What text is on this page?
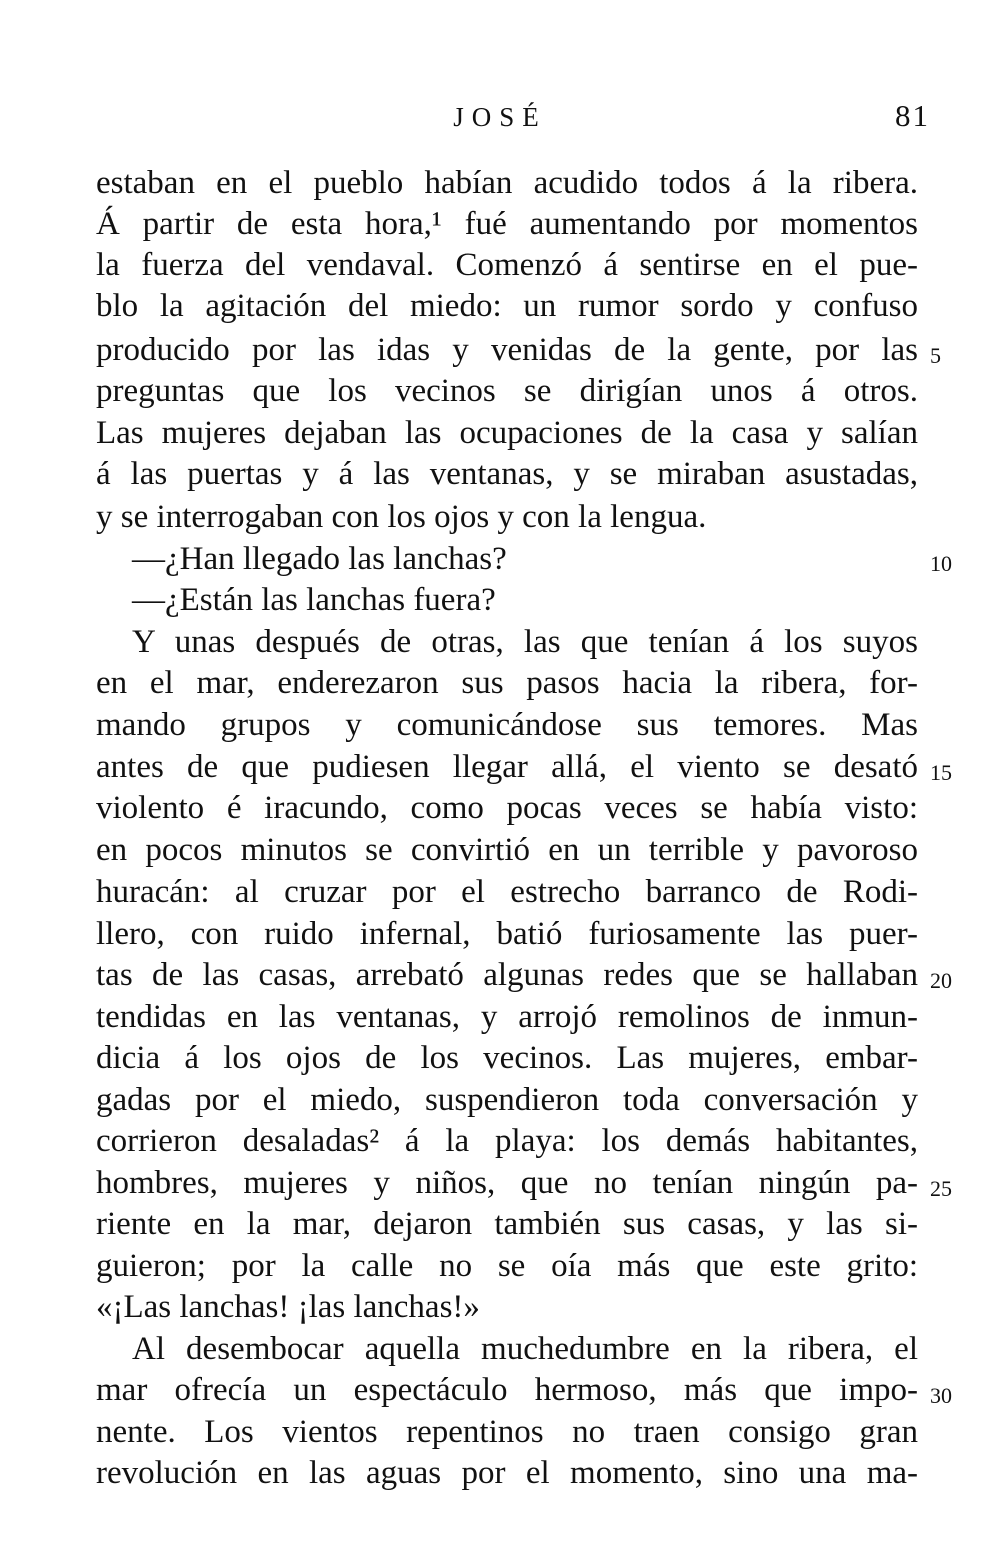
JOSÉ	81
estaban en el pueblo habían acudido todos á la ribera.
Á partir de esta hora,¹ fué aumentando por momentos
la fuerza del vendaval. Comenzó á sentirse en el pue-
blo la agitación del miedo: un rumor sordo y confuso
producido por las idas y venidas de la gente, por las
preguntas que los vecinos se dirigían unos á otros.
Las mujeres dejaban las ocupaciones de la casa y salían
á las puertas y á las ventanas, y se miraban asustadas,
y se interrogaban con los ojos y con la lengua.
—¿Han llegado las lanchas?
—¿Están las lanchas fuera?
Y unas después de otras, las que tenían á los suyos
en el mar, enderezaron sus pasos hacia la ribera, for-
mando grupos y comunicándose sus temores. Mas
antes de que pudiesen llegar allá, el viento se desató
violento é iracundo, como pocas veces se había visto:
en pocos minutos se convirtió en un terrible y pavoroso
huracán: al cruzar por el estrecho barranco de Rodi-
llero, con ruido infernal, batió furiosamente las puer-
tas de las casas, arrebató algunas redes que se hallaban
tendidas en las ventanas, y arrojó remolinos de inmun-
dicia á los ojos de los vecinos. Las mujeres, embar-
gadas por el miedo, suspendieron toda conversación y
corrieron desaladas² á la playa: los demás habitantes,
hombres, mujeres y niños, que no tenían ningún pa-
riente en la mar, dejaron también sus casas, y las si-
guieron; por la calle no se oía más que este grito:
«¡Las lanchas! ¡las lanchas!»
Al desembocar aquella muchedumbre en la ribera, el
mar ofrecía un espectáculo hermoso, más que impo-
nente. Los vientos repentinos no traen consigo gran
revolución en las aguas por el momento, sino una ma-
5
10
15
20
25
30
